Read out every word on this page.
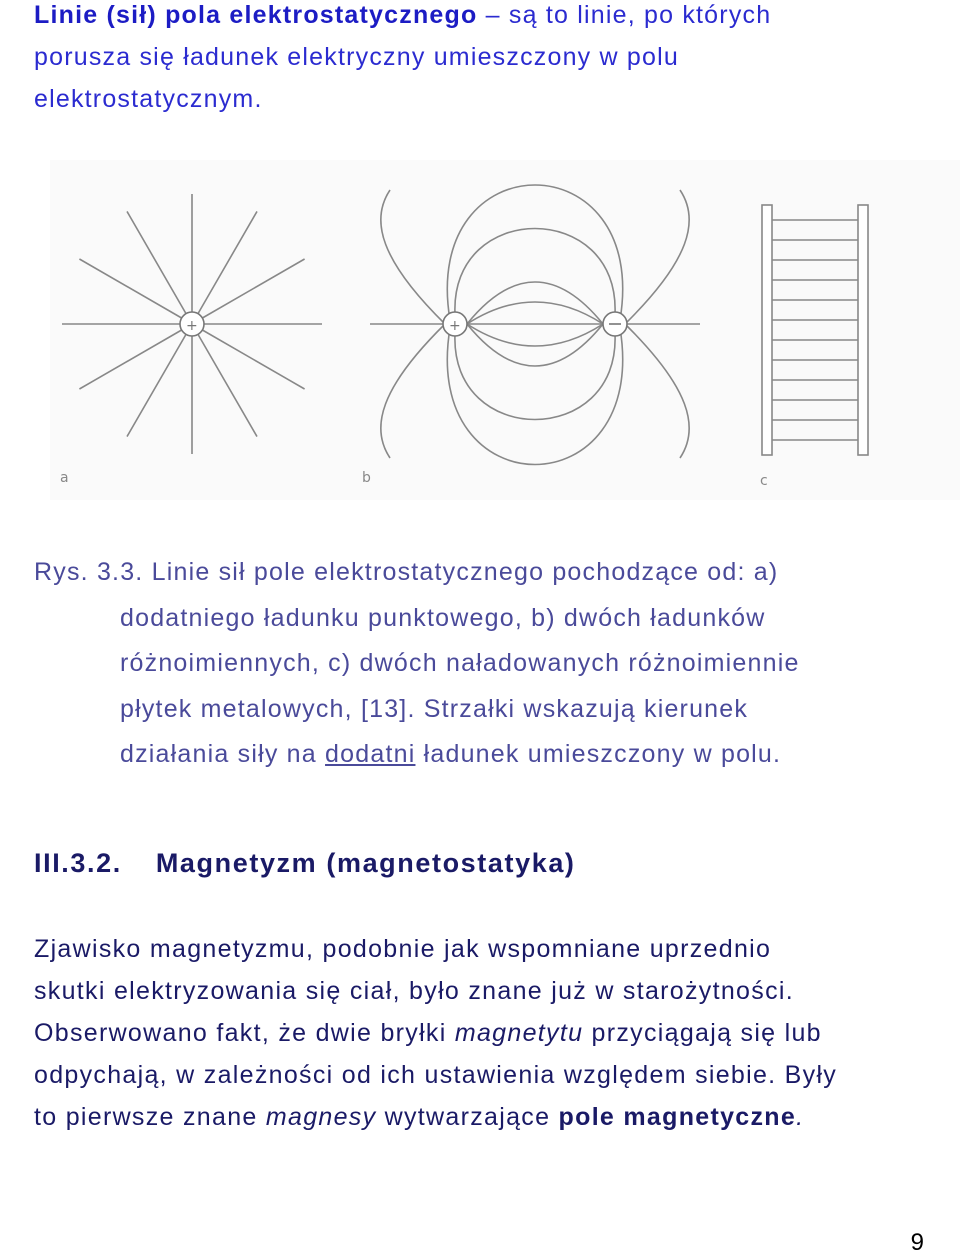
Linie (sił) pola elektrostatycznego – są to linie, po których
porusza się ładunek elektryczny umieszczony w polu
elektrostatycznym.
+	+
a	b	c
Rys. 3.3. Linie sił pole elektrostatycznego pochodzące od: a)
dodatniego ładunku punktowego, b) dwóch ładunków
różnoimiennych, c) dwóch naładowanych różnoimiennie
płytek metalowych, [13]. Strzałki wskazują kierunek
działania siły na dodatni ładunek umieszczony w polu.
III.3.2. Magnetyzm (magnetostatyka)
Zjawisko magnetyzmu, podobnie jak wspomniane uprzednio
skutki elektryzowania się ciał, było znane już w starożytności.
Obserwowano fakt, że dwie bryłki magnetytu przyciągają się lub
odpychają, w zależności od ich ustawienia względem siebie. Były
to pierwsze znane magnesy wytwarzające pole magnetyczne.
9
